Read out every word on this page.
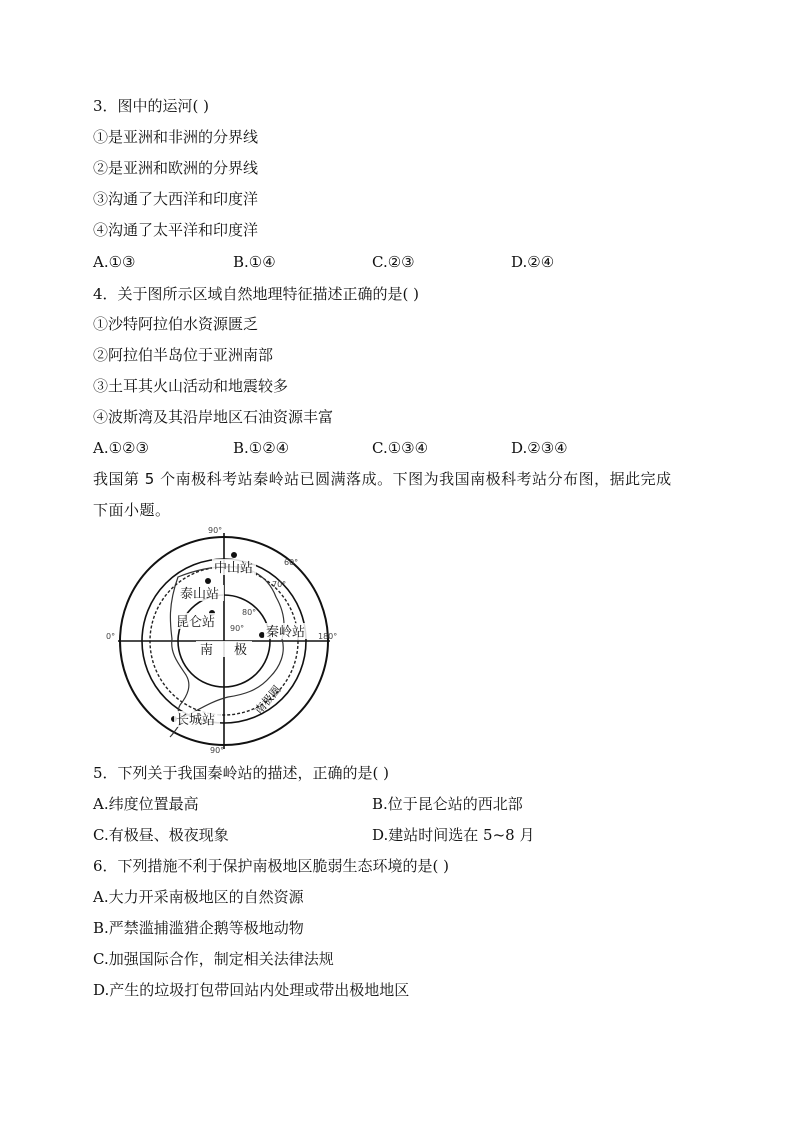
3．图中的运河( )
①是亚洲和非洲的分界线
②是亚洲和欧洲的分界线
③沟通了大西洋和印度洋
④沟通了太平洋和印度洋
A.①③	B.①④	C.②③	D.②④
4．关于图所示区域自然地理特征描述正确的是( )
①沙特阿拉伯水资源匮乏
②阿拉伯半岛位于亚洲南部
③土耳其火山活动和地震较多
④波斯湾及其沿岸地区石油资源丰富
A.①②③	B.①②④	C.①③④	D.②③④
我国第 5 个南极科考站秦岭站已圆满落成。下图为我国南极科考站分布图，据此完成
下面小题。
中山站
泰山站
昆仑站
秦岭站
长城站
南 极
南极圈
90°
0°	180°
90°
60°
70°
80°
90°
5．下列关于我国秦岭站的描述，正确的是( )
A.纬度位置最高	B.位于昆仑站的西北部
C.有极昼、极夜现象	D.建站时间选在 5~8 月
6．下列措施不利于保护南极地区脆弱生态环境的是( )
A.大力开采南极地区的自然资源
B.严禁滥捕滥猎企鹅等极地动物
C.加强国际合作，制定相关法律法规
D.产生的垃圾打包带回站内处理或带出极地地区
